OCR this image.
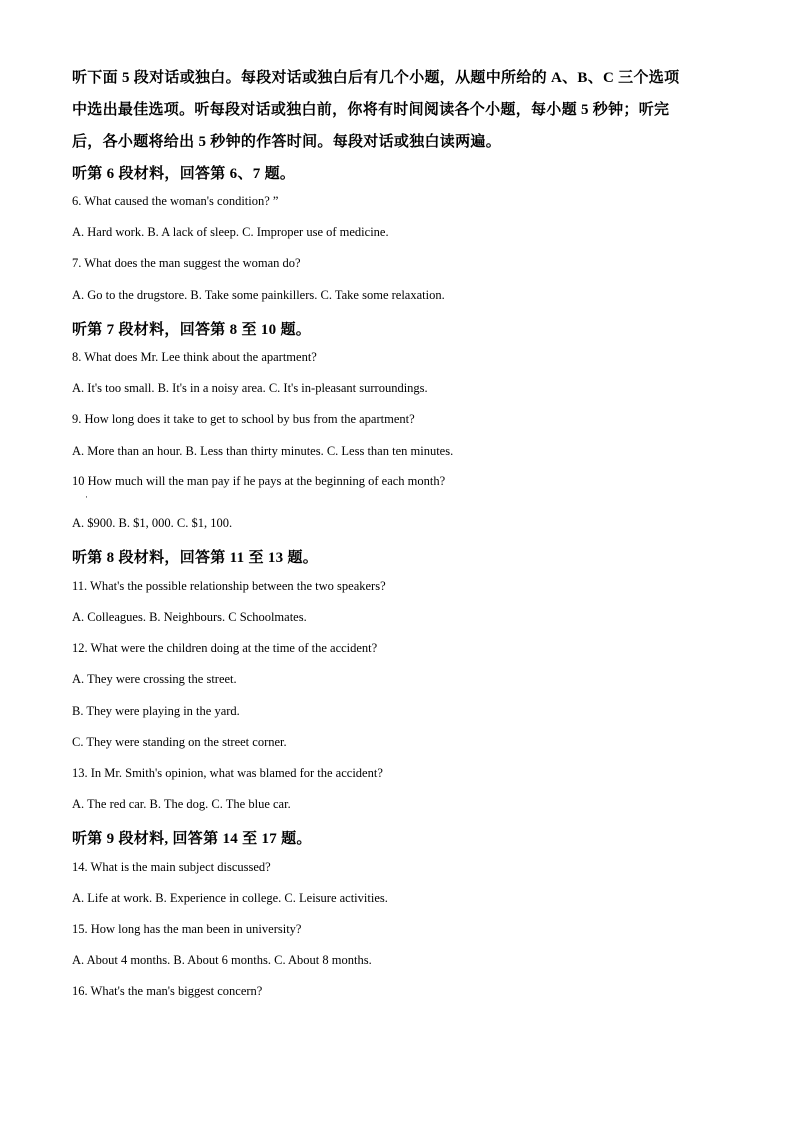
听下面 5 段对话或独白。每段对话或独白后有几个小题，从题中所给的 A、B、C 三个选项
中选出最佳选项。听每段对话或独白前，你将有时间阅读各个小题，每小题 5 秒钟；听完
后，各小题将给出 5 秒钟的作答时间。每段对话或独白读两遍。
听第 6 段材料，回答第 6、7 题。
6. What caused the woman's condition? ”
A. Hard work. B. A lack of sleep. C. Improper use of medicine.
7. What does the man suggest the woman do?
A. Go to the drugstore. B. Take some painkillers. C. Take some relaxation.
听第 7 段材料，回答第 8 至 10 题。
8. What does Mr. Lee think about the apartment?
A. It's too small. B. It's in a noisy area. C. It's in-pleasant surroundings.
9. How long does it take to get to school by bus from the apartment?
A. More than an hour. B. Less than thirty minutes. C. Less than ten minutes.
10 How much will the man pay if he pays at the beginning of each month?
·
A. $900. B. $1, 000. C. $1, 100.
听第 8 段材料，回答第 11 至 13 题。
11. What's the possible relationship between the two speakers?
A. Colleagues. B. Neighbours. C Schoolmates.
12. What were the children doing at the time of the accident?
A. They were crossing the street.
B. They were playing in the yard.
C. They were standing on the street corner.
13. In Mr. Smith's opinion, what was blamed for the accident?
A. The red car. B. The dog. C. The blue car.
听第 9 段材料, 回答第 14 至 17 题。
14. What is the main subject discussed?
A. Life at work. B. Experience in college. C. Leisure activities.
15. How long has the man been in university?
A. About 4 months. B. About 6 months. C. About 8 months.
16. What's the man's biggest concern?
